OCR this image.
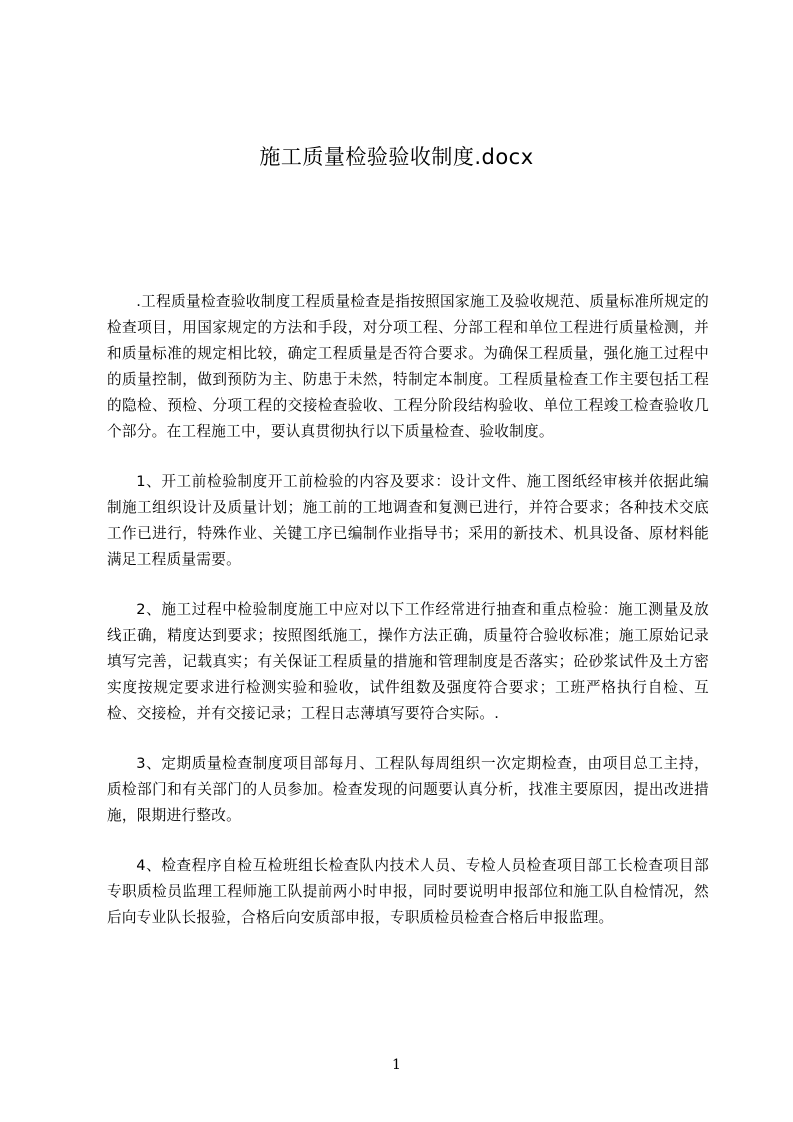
施工质量检验验收制度.docx

.工程质量检查验收制度工程质量检查是指按照国家施工及验收规范、质量标准所规定的检查项目，用国家规定的方法和手段，对分项工程、分部工程和单位工程进行质量检测，并和质量标准的规定相比较，确定工程质量是否符合要求。为确保工程质量，强化施工过程中的质量控制，做到预防为主、防患于未然，特制定本制度。工程质量检查工作主要包括工程的隐检、预检、分项工程的交接检查验收、工程分阶段结构验收、单位工程竣工检查验收几个部分。在工程施工中，要认真贯彻执行以下质量检查、验收制度。

1、开工前检验制度开工前检验的内容及要求：设计文件、施工图纸经审核并依据此编制施工组织设计及质量计划；施工前的工地调查和复测已进行，并符合要求；各种技术交底工作已进行，特殊作业、关键工序已编制作业指导书；采用的新技术、机具设备、原材料能满足工程质量需要。

2、施工过程中检验制度施工中应对以下工作经常进行抽查和重点检验：施工测量及放线正确，精度达到要求；按照图纸施工，操作方法正确，质量符合验收标准；施工原始记录填写完善，记载真实；有关保证工程质量的措施和管理制度是否落实；砼砂浆试件及土方密实度按规定要求进行检测实验和验收，试件组数及强度符合要求；工班严格执行自检、互检、交接检，并有交接记录；工程日志薄填写要符合实际。.

3、定期质量检查制度项目部每月、工程队每周组织一次定期检查，由项目总工主持，质检部门和有关部门的人员参加。检查发现的问题要认真分析，找准主要原因，提出改进措施，限期进行整改。

4、检查程序自检互检班组长检查队内技术人员、专检人员检查项目部工长检查项目部专职质检员监理工程师施工队提前两小时申报，同时要说明申报部位和施工队自检情况，然后向专业队长报验，合格后向安质部申报，专职质检员检查合格后申报监理。

1
